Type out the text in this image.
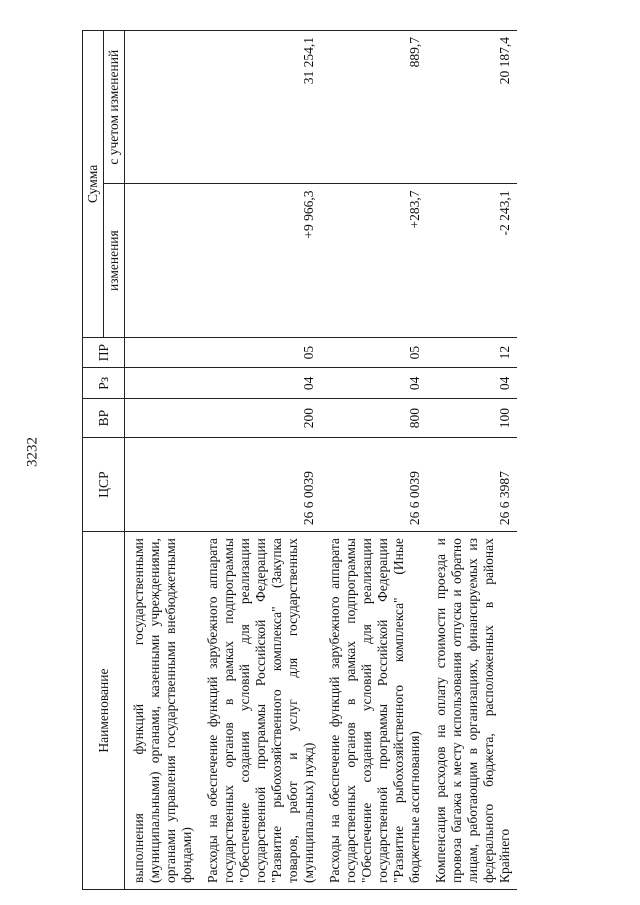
3232
Наименование	ЦСР	ВР	Рз	ПР	Сумма	
					изменения	с учетом изменений
выполнения функций государственными (муниципальными) органами, казенными учреждениями, органами управления государственными внебюджетными фондами)						
Расходы на обеспечение функций зарубежного аппарата государственных органов в рамках подпрограммы "Обеспечение создания условий для реализации государственной программы Российской Федерации "Развитие рыбохозяйственного комплекса" (Закупка товаров, работ и услуг для государственных (муниципальных) нужд)	26 6 0039	200	04	05	+9 966,3	31 254,1
Расходы на обеспечение функций зарубежного аппарата государственных органов в рамках подпрограммы "Обеспечение создания условий для реализации государственной программы Российской Федерации "Развитие рыбохозяйственного комплекса" (Иные бюджетные ассигнования)	26 6 0039	800	04	05	+283,7	889,7
Компенсация расходов на оплату стоимости проезда и провоза багажа к месту использования отпуска и обратно лицам, работающим в организациях, финансируемых из федерального бюджета, расположенных в районах Крайнего	26 6 3987	100	04	12	-2 243,1	20 187,4
